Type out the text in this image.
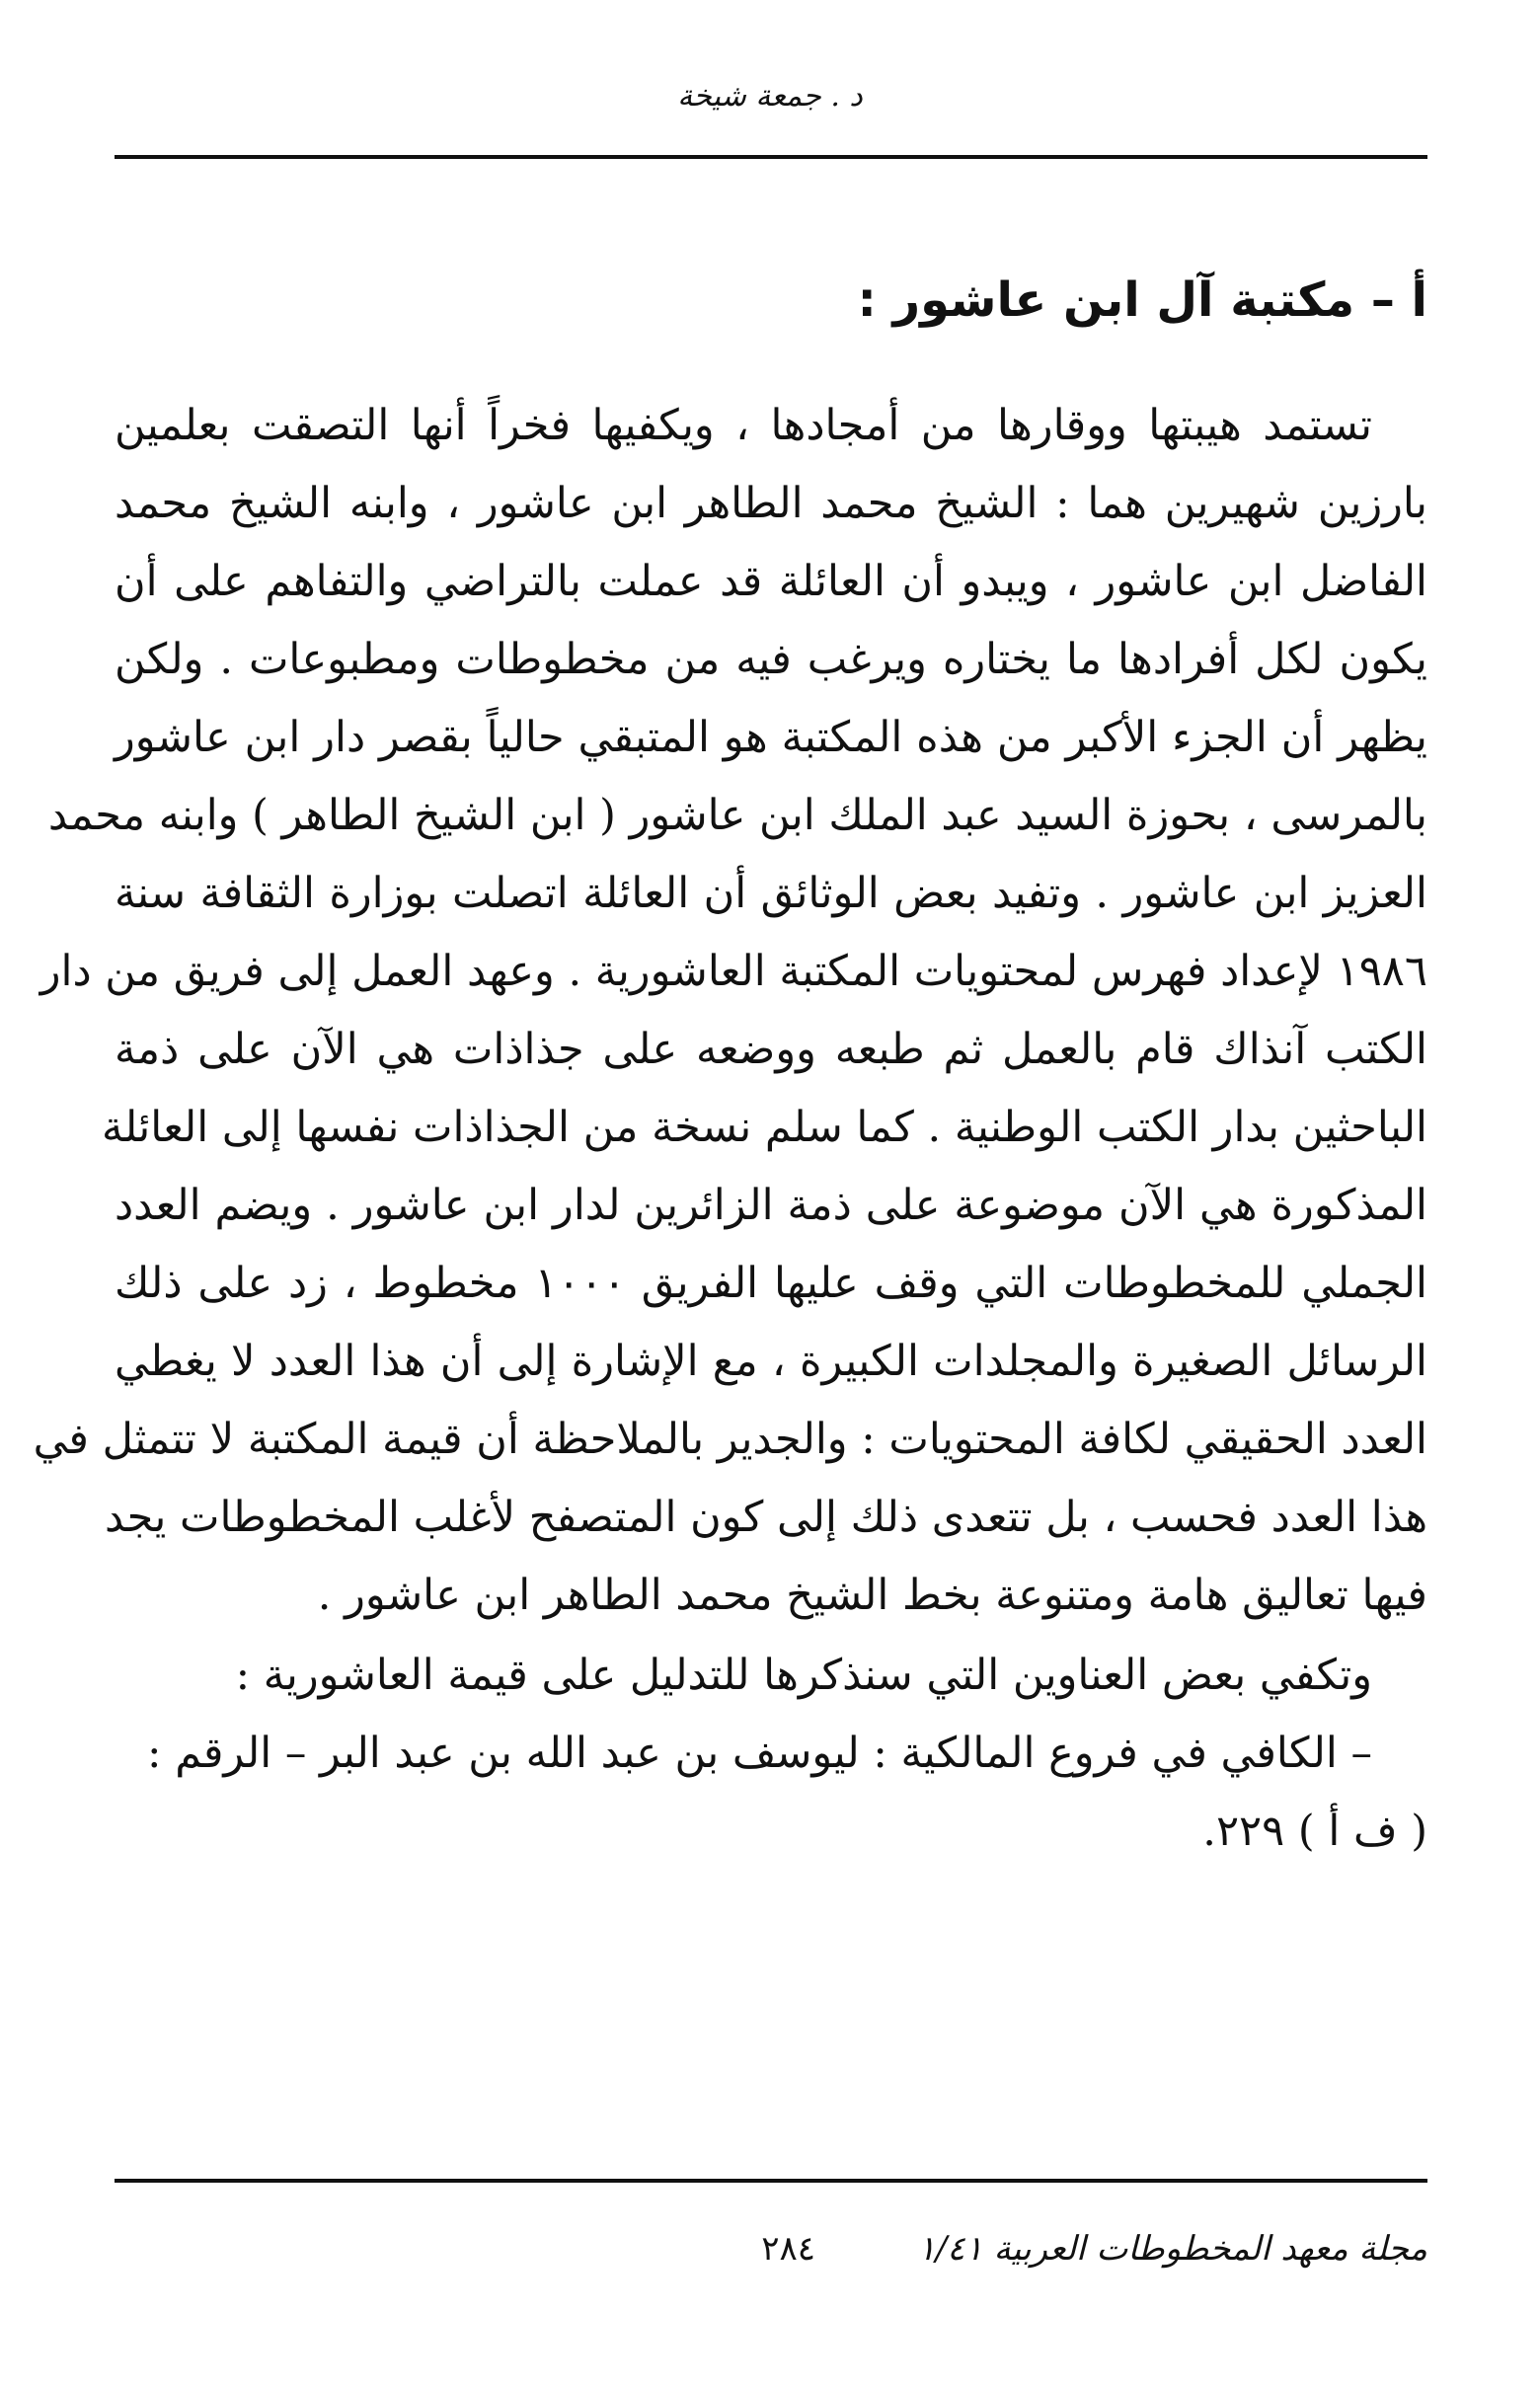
د . جمعة شيخة
أ – مكتبة آل ابن عاشور :

تستمد هيبتها ووقارها من أمجادها ، ويكفيها فخراً أنها التصقت بعلمين
بارزين شهيرين هما : الشيخ محمد الطاهر ابن عاشور ، وابنه الشيخ محمد
الفاضل ابن عاشور ، ويبدو أن العائلة قد عملت بالتراضي والتفاهم على أن
يكون لكل أفرادها ما يختاره ويرغب فيه من مخطوطات ومطبوعات . ولكن
يظهر أن الجزء الأكبر من هذه المكتبة هو المتبقي حالياً بقصر دار ابن عاشور
بالمرسى ، بحوزة السيد عبد الملك ابن عاشور ( ابن الشيخ الطاهر ) وابنه محمد
العزيز ابن عاشور . وتفيد بعض الوثائق أن العائلة اتصلت بوزارة الثقافة سنة
١٩٨٦ لإعداد فهرس لمحتويات المكتبة العاشورية . وعهد العمل إلى فريق من دار
الكتب آنذاك قام بالعمل ثم طبعه ووضعه على جذاذات هي الآن على ذمة
الباحثين بدار الكتب الوطنية . كما سلم نسخة من الجذاذات نفسها إلى العائلة
المذكورة هي الآن موضوعة على ذمة الزائرين لدار ابن عاشور . ويضم العدد
الجملي للمخطوطات التي وقف عليها الفريق ١٠٠٠ مخطوط ، زد على ذلك
الرسائل الصغيرة والمجلدات الكبيرة ، مع الإشارة إلى أن هذا العدد لا يغطي
العدد الحقيقي لكافة المحتويات : والجدير بالملاحظة أن قيمة المكتبة لا تتمثل في
هذا العدد فحسب ، بل تتعدى ذلك إلى كون المتصفح لأغلب المخطوطات يجد
فيها تعاليق هامة ومتنوعة بخط الشيخ محمد الطاهر ابن عاشور .

وتكفي بعض العناوين التي سنذكرها للتدليل على قيمة العاشورية :
– الكافي في فروع المالكية : ليوسف بن عبد الله بن عبد البر – الرقم :
( ف أ ) ٢٢٩.
مجلة معهد المخطوطات العربية ١/٤١
٢٨٤
